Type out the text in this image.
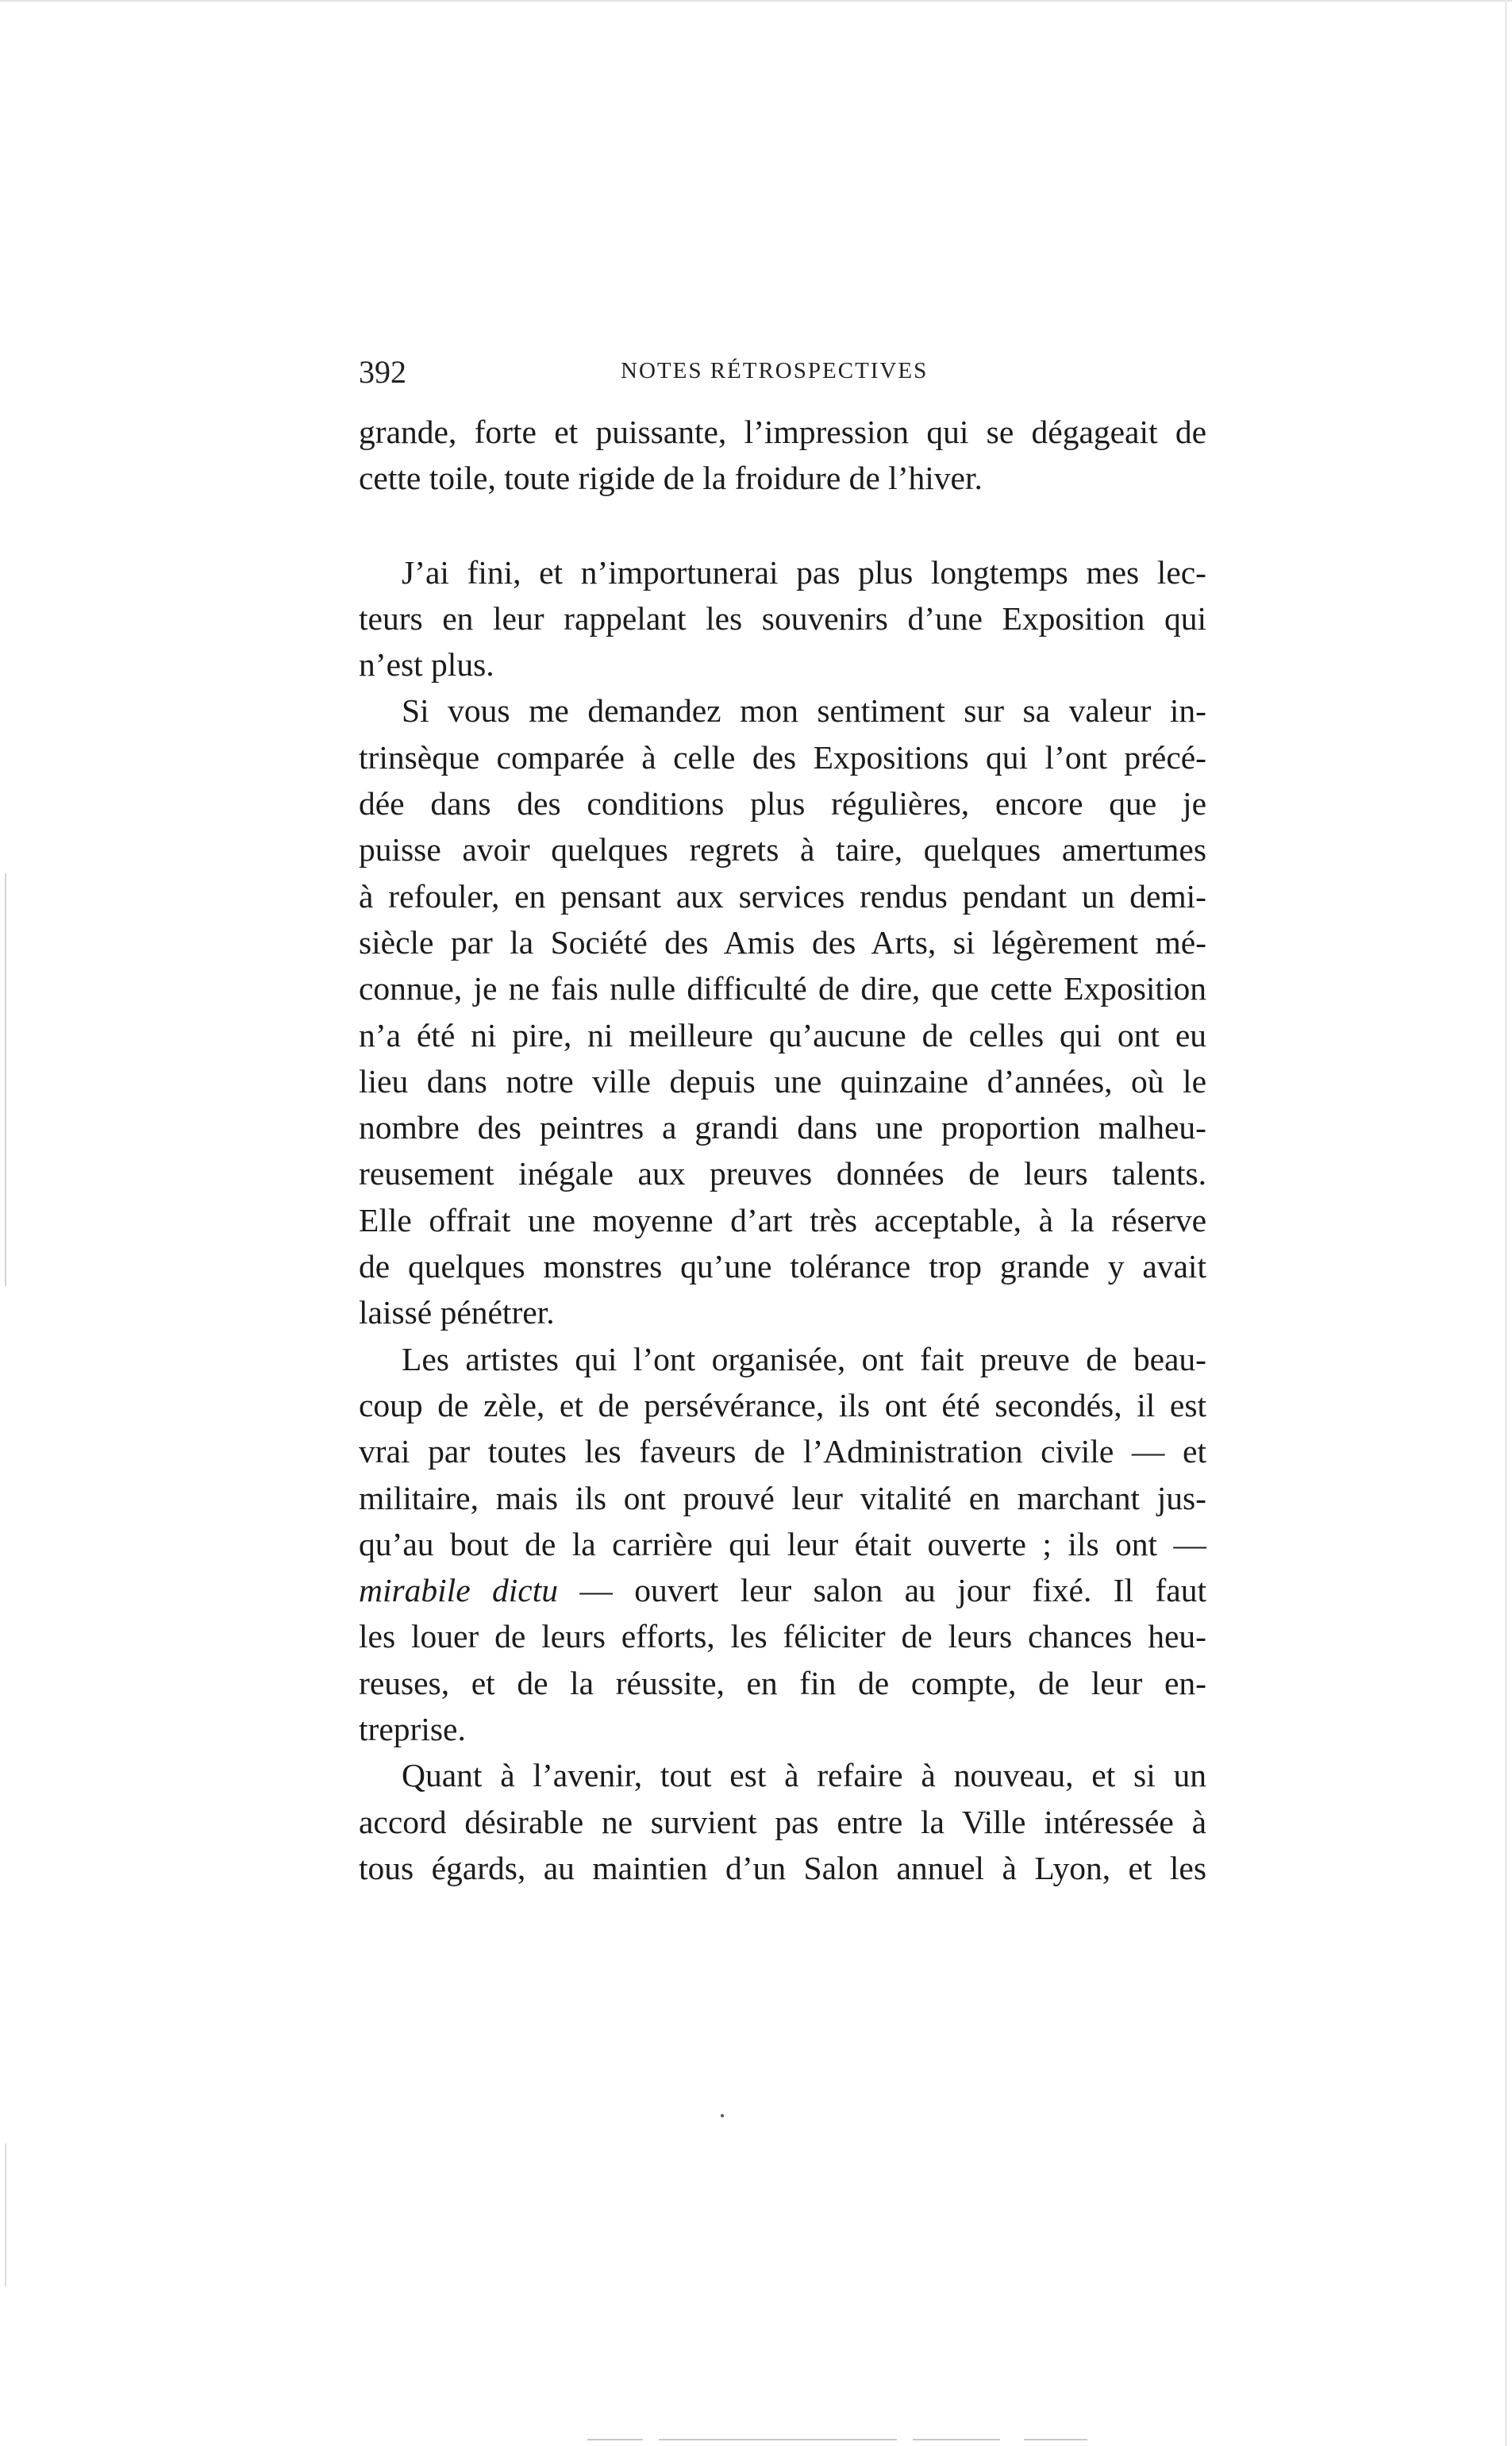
392	NOTES RÉTROSPECTIVES

grande, forte et puissante, l’impression qui se dégageait de
cette toile, toute rigide de la froidure de l’hiver.

J’ai fini, et n’importunerai pas plus longtemps mes lec-
teurs en leur rappelant les souvenirs d’une Exposition qui
n’est plus.

Si vous me demandez mon sentiment sur sa valeur in-
trinsèque comparée à celle des Expositions qui l’ont précé-
dée dans des conditions plus régulières, encore que je
puisse avoir quelques regrets à taire, quelques amertumes
à refouler, en pensant aux services rendus pendant un demi-
siècle par la Société des Amis des Arts, si légèrement mé-
connue, je ne fais nulle difficulté de dire, que cette Exposition
n’a été ni pire, ni meilleure qu’aucune de celles qui ont eu
lieu dans notre ville depuis une quinzaine d’années, où le
nombre des peintres a grandi dans une proportion malheu-
reusement inégale aux preuves données de leurs talents.
Elle offrait une moyenne d’art très acceptable, à la réserve
de quelques monstres qu’une tolérance trop grande y avait
laissé pénétrer.

Les artistes qui l’ont organisée, ont fait preuve de beau-
coup de zèle, et de persévérance, ils ont été secondés, il est
vrai par toutes les faveurs de l’Administration civile — et
militaire, mais ils ont prouvé leur vitalité en marchant jus-
qu’au bout de la carrière qui leur était ouverte ; ils ont —
mirabile dictu — ouvert leur salon au jour fixé. Il faut
les louer de leurs efforts, les féliciter de leurs chances heu-
reuses, et de la réussite, en fin de compte, de leur en-
treprise.

Quant à l’avenir, tout est à refaire à nouveau, et si un
accord désirable ne survient pas entre la Ville intéressée à
tous égards, au maintien d’un Salon annuel à Lyon, et les
